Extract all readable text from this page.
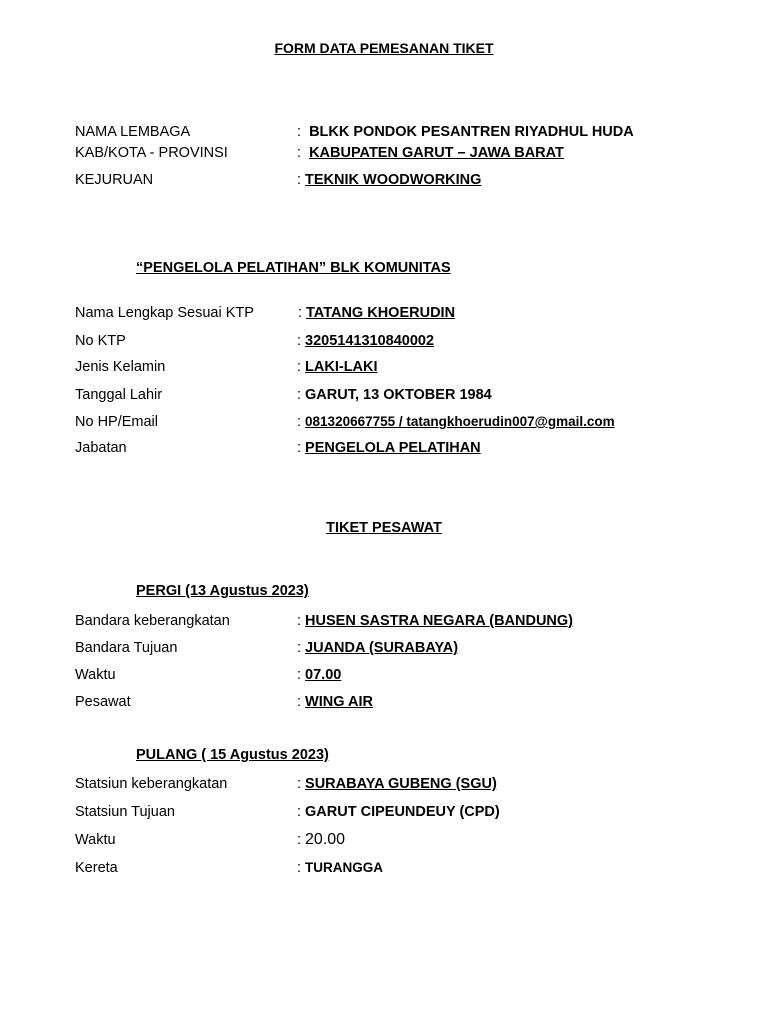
FORM DATA PEMESANAN TIKET
NAMA LEMBAGA	: BLKK PONDOK PESANTREN RIYADHUL HUDA
KAB/KOTA - PROVINSI	: KABUPATEN GARUT – JAWA BARAT
KEJURUAN	: TEKNIK WOODWORKING
“PENGELOLA PELATIHAN” BLK KOMUNITAS
Nama Lengkap Sesuai KTP	: TATANG KHOERUDIN
No KTP	: 3205141310840002
Jenis Kelamin	: LAKI-LAKI
Tanggal Lahir	: GARUT, 13 OKTOBER 1984
No HP/Email	: 081320667755 / tatangkhoerudin007@gmail.com
Jabatan	: PENGELOLA PELATIHAN
TIKET PESAWAT
PERGI (13 Agustus 2023)
Bandara keberangkatan	: HUSEN SASTRA NEGARA (BANDUNG)
Bandara Tujuan	: JUANDA (SURABAYA)
Waktu	: 07.00
Pesawat	: WING AIR
PULANG ( 15 Agustus 2023)
Statsiun keberangkatan	: SURABAYA GUBENG (SGU)
Statsiun Tujuan	: GARUT CIPEUNDEUY (CPD)
Waktu	: 20.00
Kereta	: TURANGGA
